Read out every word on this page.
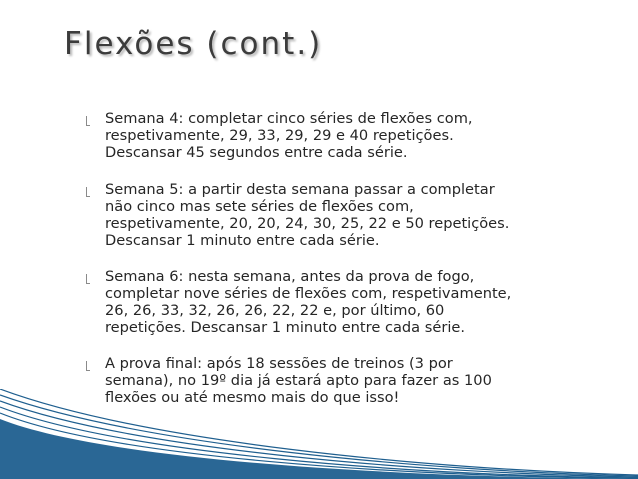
Flexões (cont.)
Semana 4: completar cinco séries de flexões com,
respetivamente, 29, 33, 29, 29 e 40 repetições.
Descansar 45 segundos entre cada série.
Semana 5: a partir desta semana passar a completar
não cinco mas sete séries de flexões com,
respetivamente, 20, 20, 24, 30, 25, 22 e 50 repetições.
Descansar 1 minuto entre cada série.
Semana 6: nesta semana, antes da prova de fogo,
completar nove séries de flexões com, respetivamente,
26, 26, 33, 32, 26, 26, 22, 22 e, por último, 60
repetições. Descansar 1 minuto entre cada série.
A prova final: após 18 sessões de treinos (3 por
semana), no 19º dia já estará apto para fazer as 100
flexões ou até mesmo mais do que isso!
